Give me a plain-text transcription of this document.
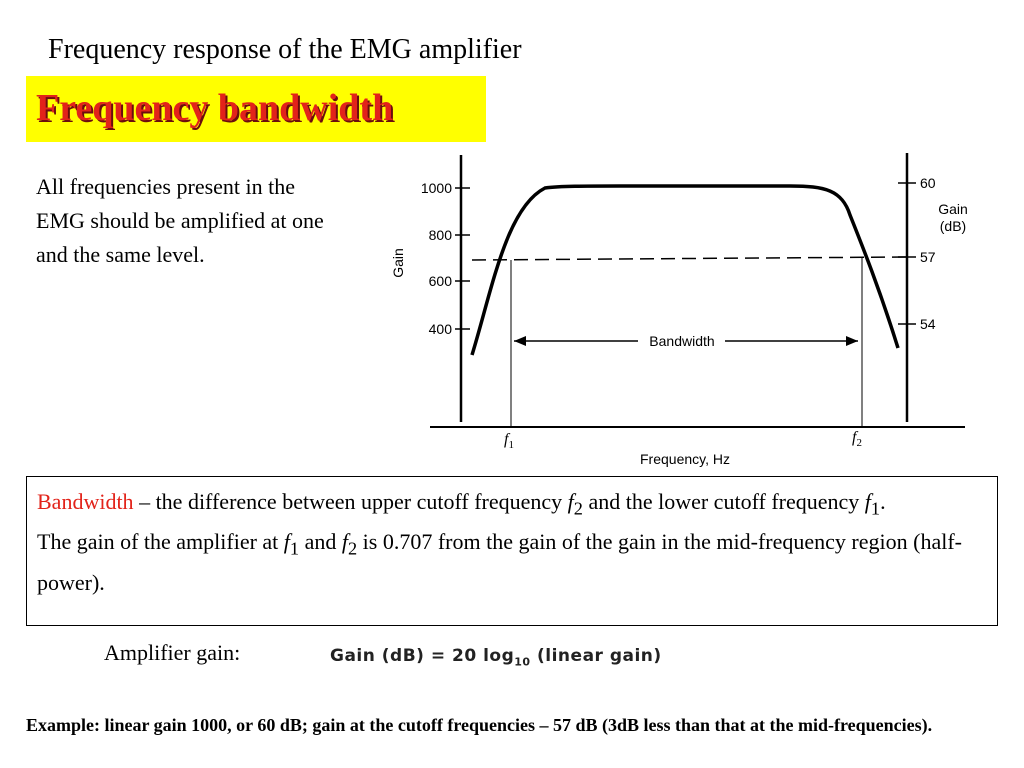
Frequency response of the EMG amplifier
Frequency bandwidth
All frequencies present in the EMG should be amplified at one and the same level.
1000
800
600
400
60
57
54
Gain
(dB)
Gain
Bandwidth
Frequency, Hz
$f_1$	$f_2$
Bandwidth – the difference between upper cutoff frequency $f_2$ and the lower cutoff frequency $f_1$.
The gain of the amplifier at $f_1$ and $f_2$ is 0.707 from the gain of the gain in the mid-frequency region (half-power).
Amplifier gain:	Gain (dB) = 20 $\log_{10}$ (linear gain)
Example: linear gain 1000, or 60 dB; gain at the cutoff frequencies – 57 dB (3dB less than that at the mid-frequencies).
